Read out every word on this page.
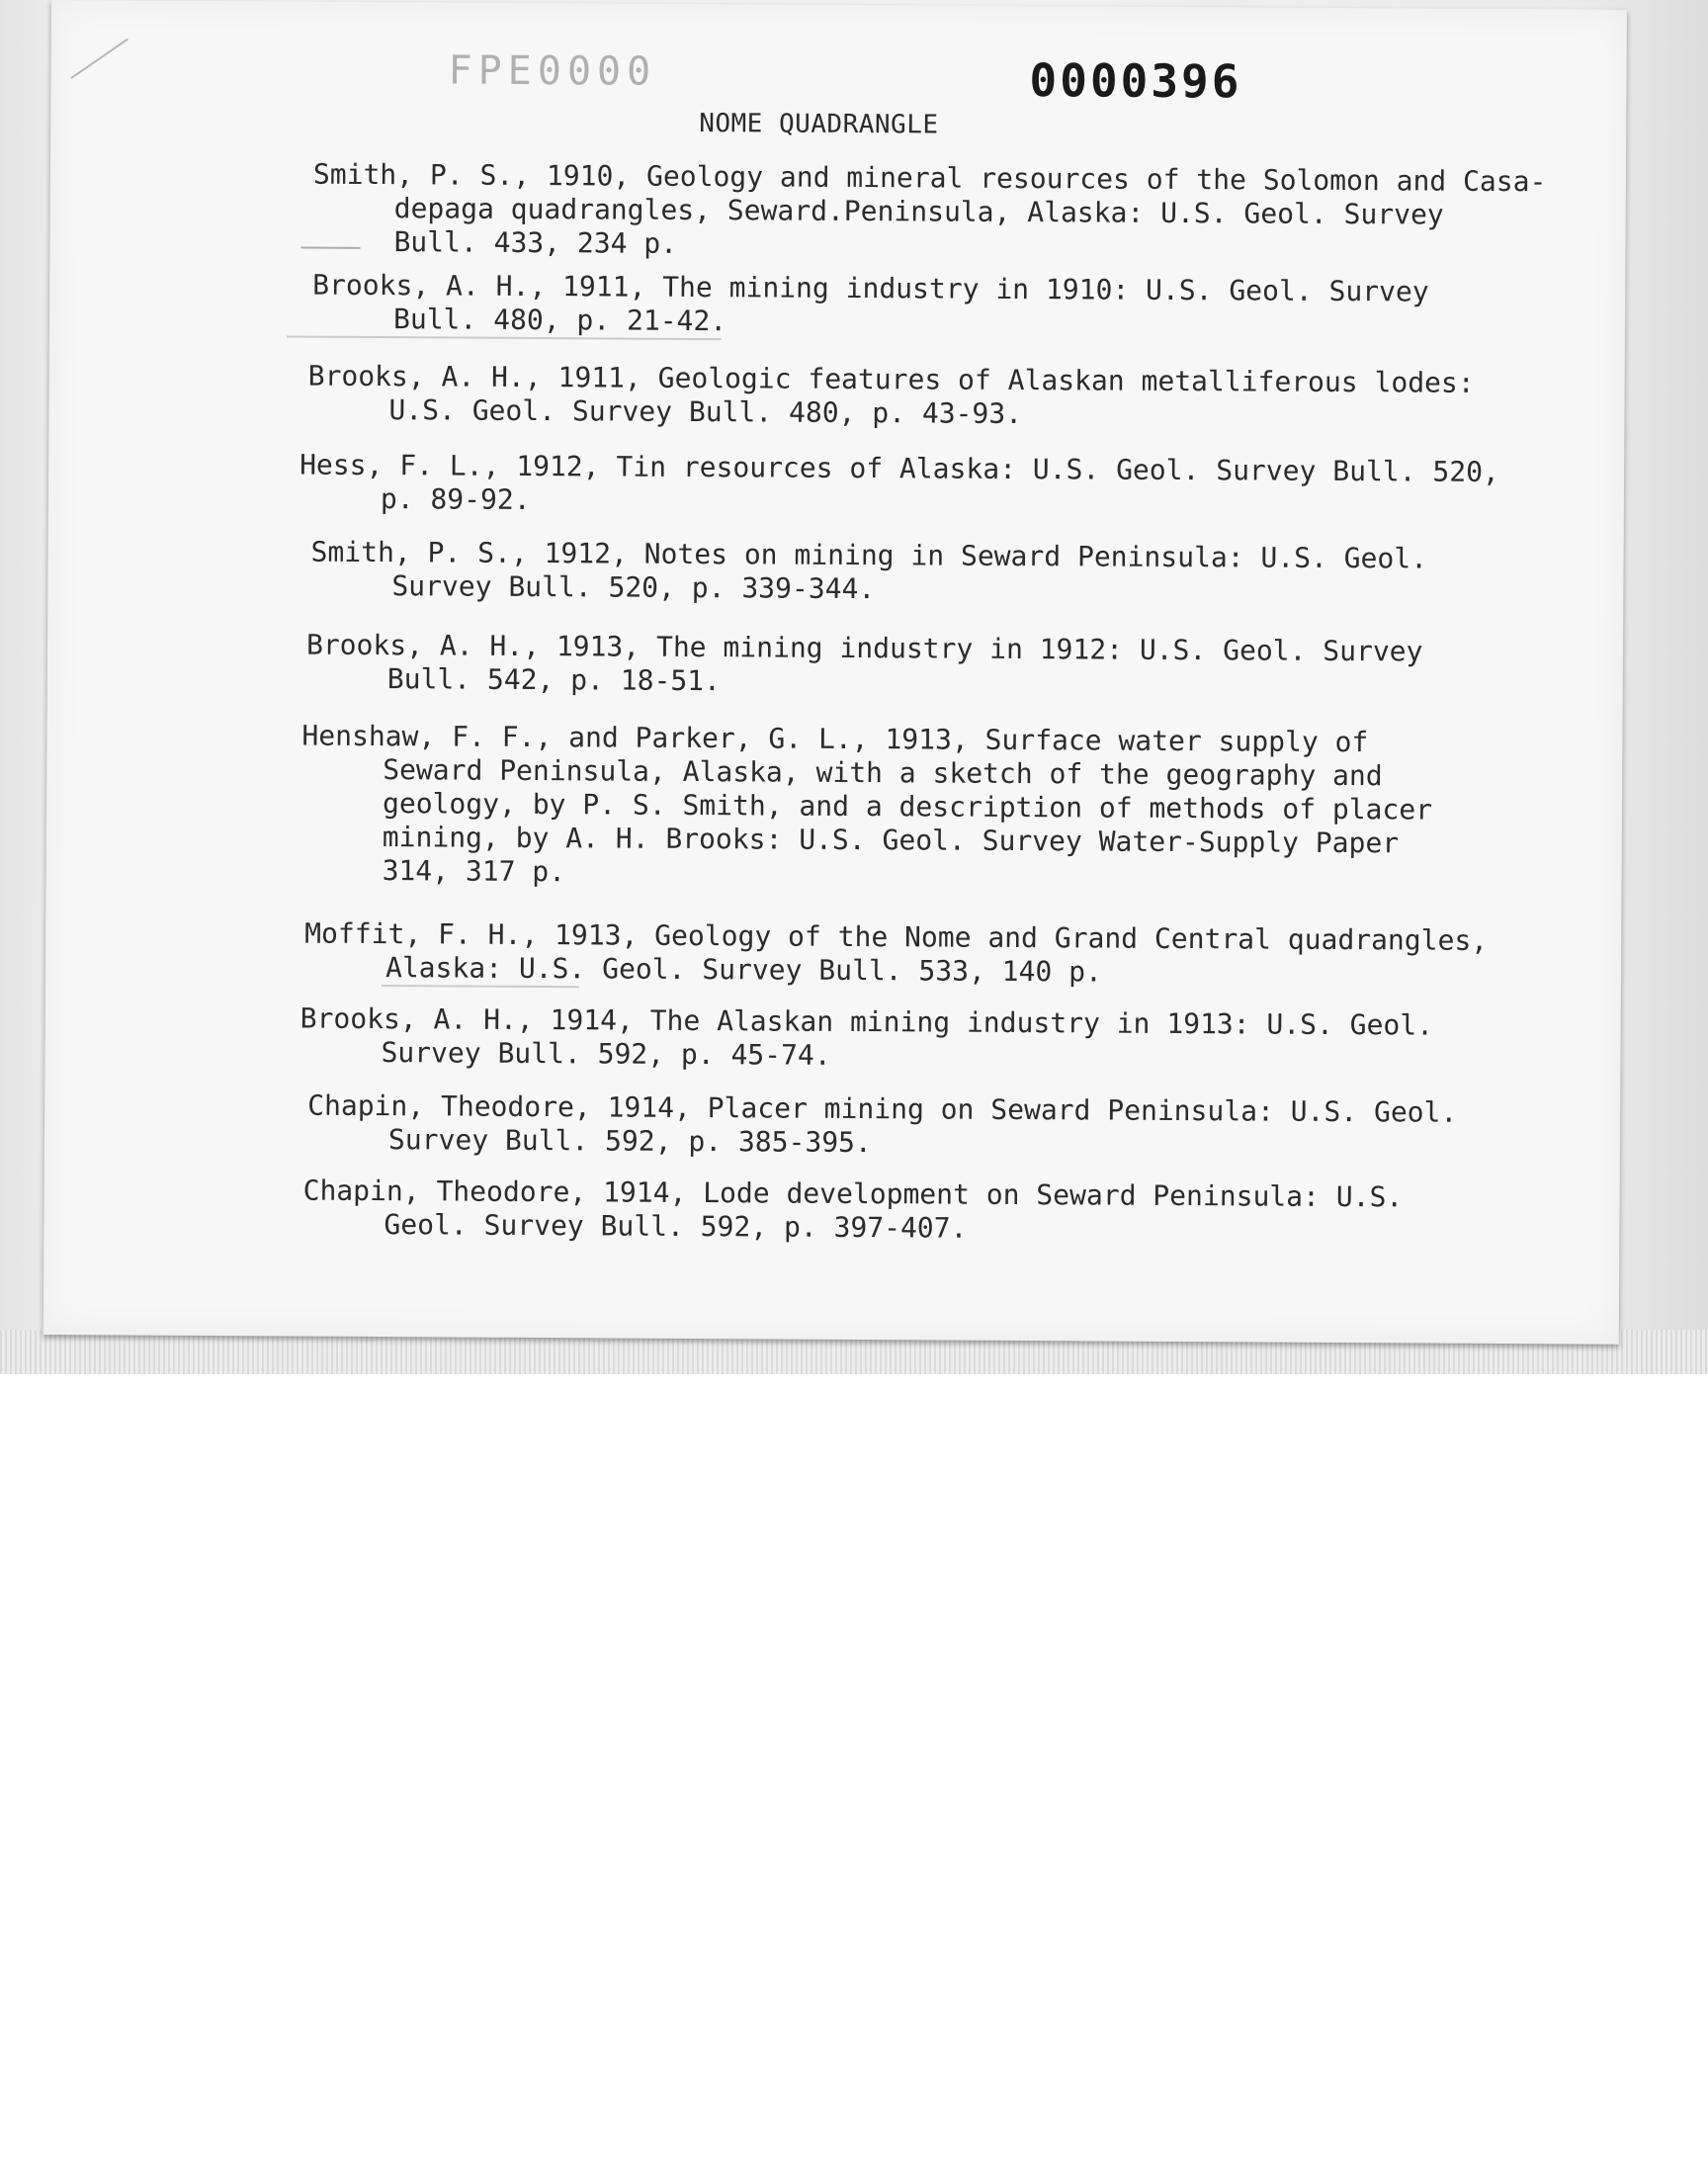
FPE0000	0000396
NOME QUADRANGLE
Smith, P. S., 1910, Geology and mineral resources of the Solomon and Casa-
depaga quadrangles, Seward.Peninsula, Alaska: U.S. Geol. Survey
Bull. 433, 234 p.
Brooks, A. H., 1911, The mining industry in 1910: U.S. Geol. Survey
Bull. 480, p. 21-42.
Brooks, A. H., 1911, Geologic features of Alaskan metalliferous lodes:
U.S. Geol. Survey Bull. 480, p. 43-93.
Hess, F. L., 1912, Tin resources of Alaska: U.S. Geol. Survey Bull. 520,
p. 89-92.
Smith, P. S., 1912, Notes on mining in Seward Peninsula: U.S. Geol.
Survey Bull. 520, p. 339-344.
Brooks, A. H., 1913, The mining industry in 1912: U.S. Geol. Survey
Bull. 542, p. 18-51.
Henshaw, F. F., and Parker, G. L., 1913, Surface water supply of
Seward Peninsula, Alaska, with a sketch of the geography and
geology, by P. S. Smith, and a description of methods of placer
mining, by A. H. Brooks: U.S. Geol. Survey Water-Supply Paper
314, 317 p.
Moffit, F. H., 1913, Geology of the Nome and Grand Central quadrangles,
Alaska: U.S. Geol. Survey Bull. 533, 140 p.
Brooks, A. H., 1914, The Alaskan mining industry in 1913: U.S. Geol.
Survey Bull. 592, p. 45-74.
Chapin, Theodore, 1914, Placer mining on Seward Peninsula: U.S. Geol.
Survey Bull. 592, p. 385-395.
Chapin, Theodore, 1914, Lode development on Seward Peninsula: U.S.
Geol. Survey Bull. 592, p. 397-407.
